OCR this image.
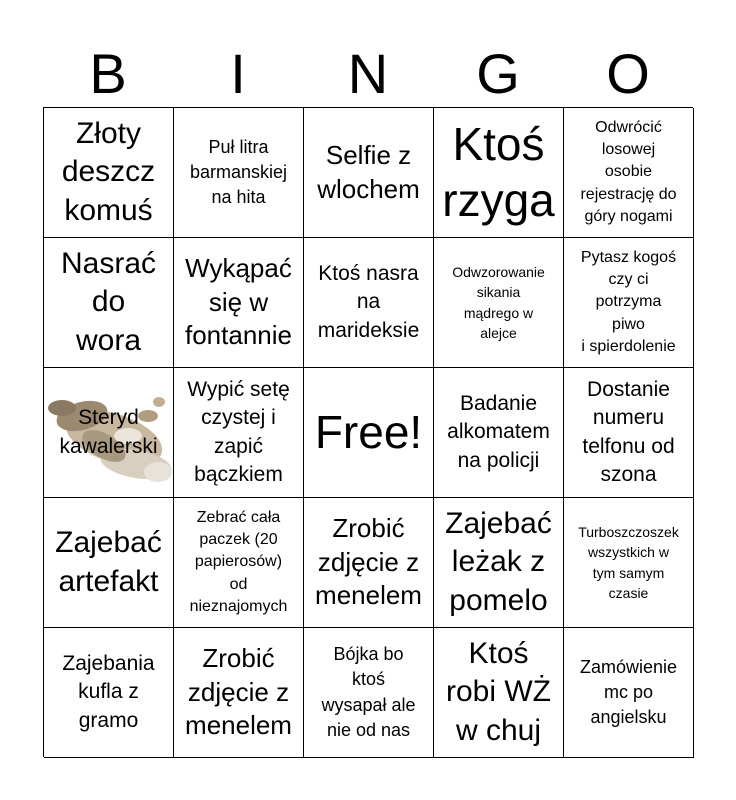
B	I	N	G	O
Złoty
deszcz
komuś
Puł litra
barmanskiej
na hita
Selfie z
wlochem
Ktoś
rzyga
Odwrócić
losowej
osobie
rejestrację do
góry nogami
Nasrać
do
wora
Wykąpać
się w
fontannie
Ktoś nasra
na
marideksie
Odwzorowanie
sikania
mądrego w
alejce
Pytasz kogoś
czy ci
potrzyma
piwo
i spierdolenie
Steryd
kawalerski
Wypić setę
czystej i
zapić
bączkiem
Free!
Badanie
alkomatem
na policji
Dostanie
numeru
telfonu od
szona
Zajebać
artefakt
Zebrać cała
paczek (20
papierosów)
od
nieznajomych
Zrobić
zdjęcie z
menelem
Zajebać
leżak z
pomelo
Turboszczoszek
wszystkich w
tym samym
czasie
Zajebania
kufla z
gramo
Zrobić
zdjęcie z
menelem
Bójka bo
ktoś
wysapał ale
nie od nas
Ktoś
robi WŻ
w chuj
Zamówienie
mc po
angielsku
